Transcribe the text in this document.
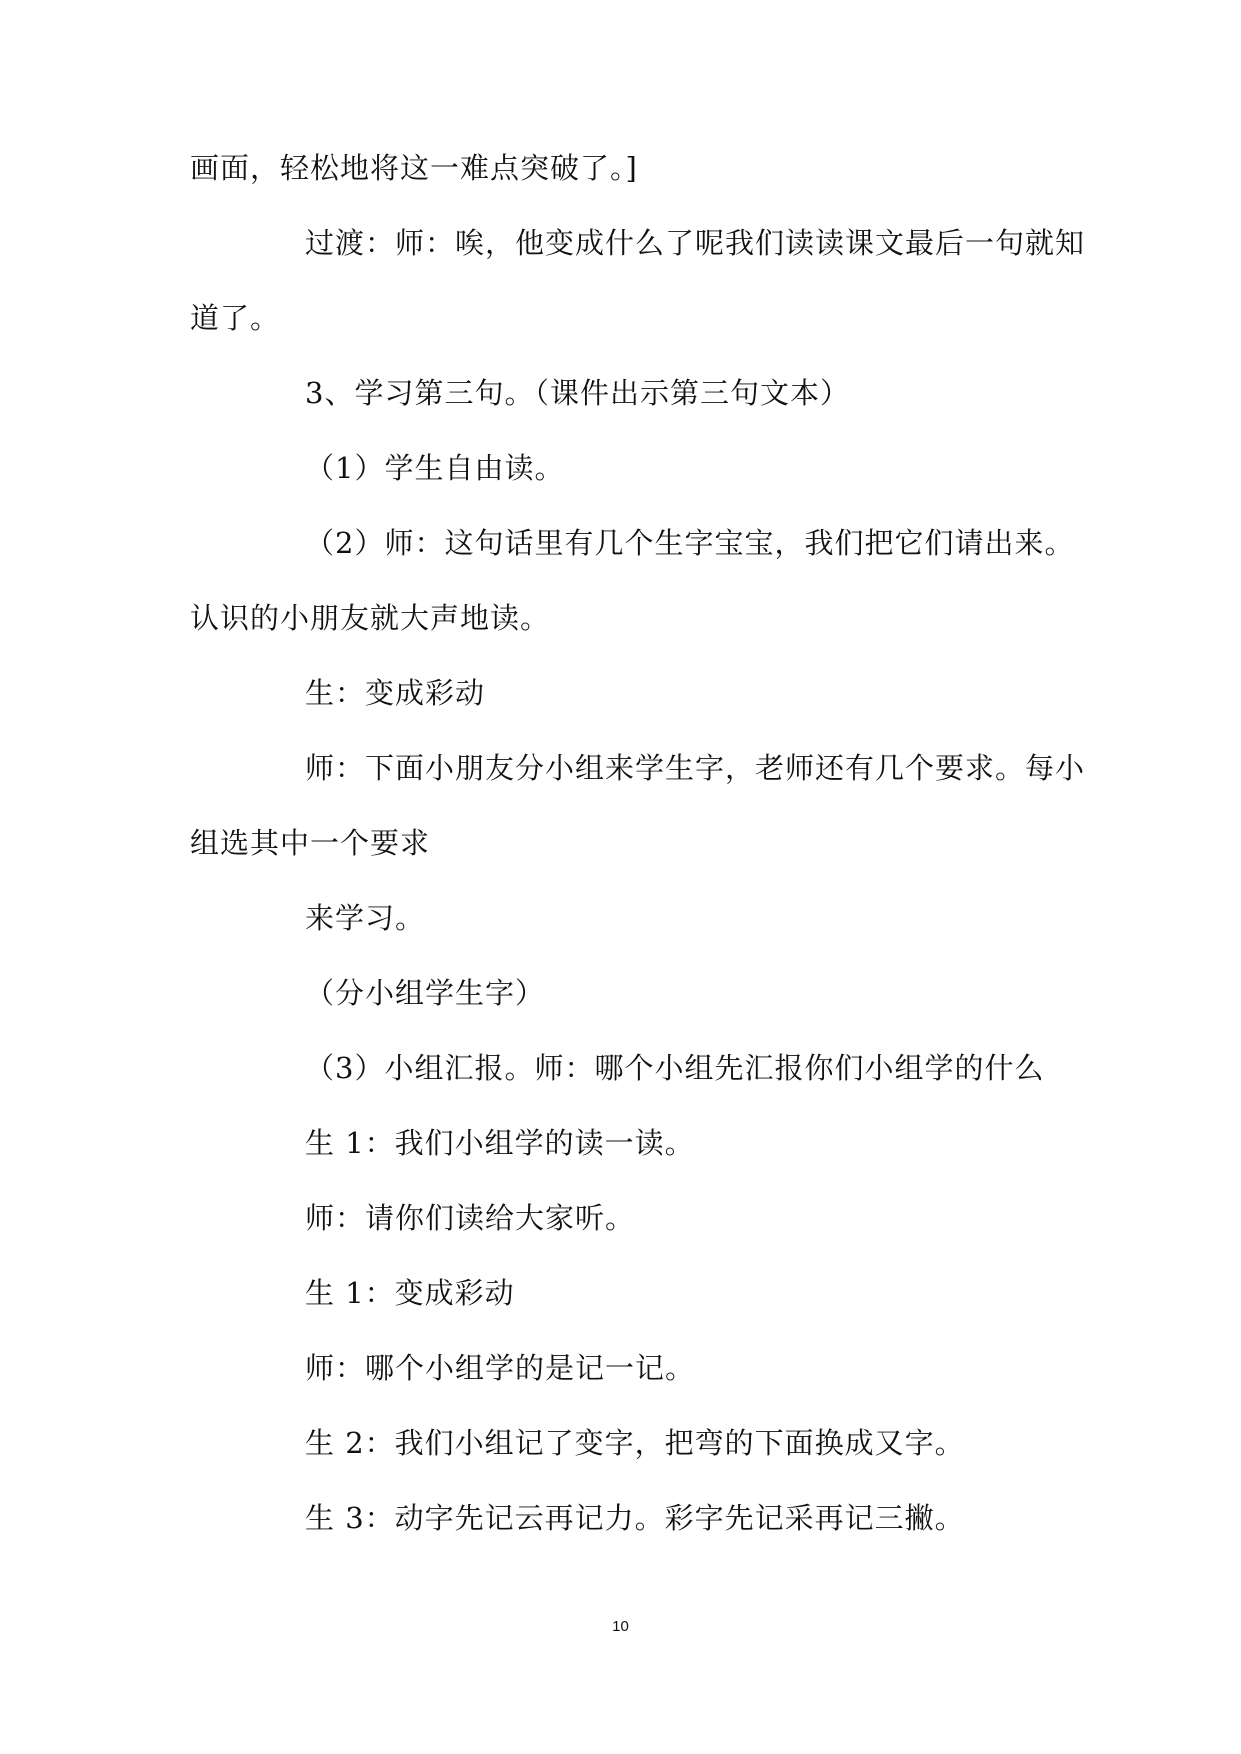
画面，轻松地将这一难点突破了。]
过渡：师：唉，他变成什么了呢我们读读课文最后一句就知
道了。
3、学习第三句。（课件出示第三句文本）
（1）学生自由读。
（2）师：这句话里有几个生字宝宝，我们把它们请出来。
认识的小朋友就大声地读。
生：变成彩动
师：下面小朋友分小组来学生字，老师还有几个要求。每小
组选其中一个要求
来学习。
（分小组学生字）
（3）小组汇报。师：哪个小组先汇报你们小组学的什么
生 1：我们小组学的读一读。
师：请你们读给大家听。
生 1：变成彩动
师：哪个小组学的是记一记。
生 2：我们小组记了变字，把弯的下面换成又字。
生 3：动字先记云再记力。彩字先记采再记三撇。
10
